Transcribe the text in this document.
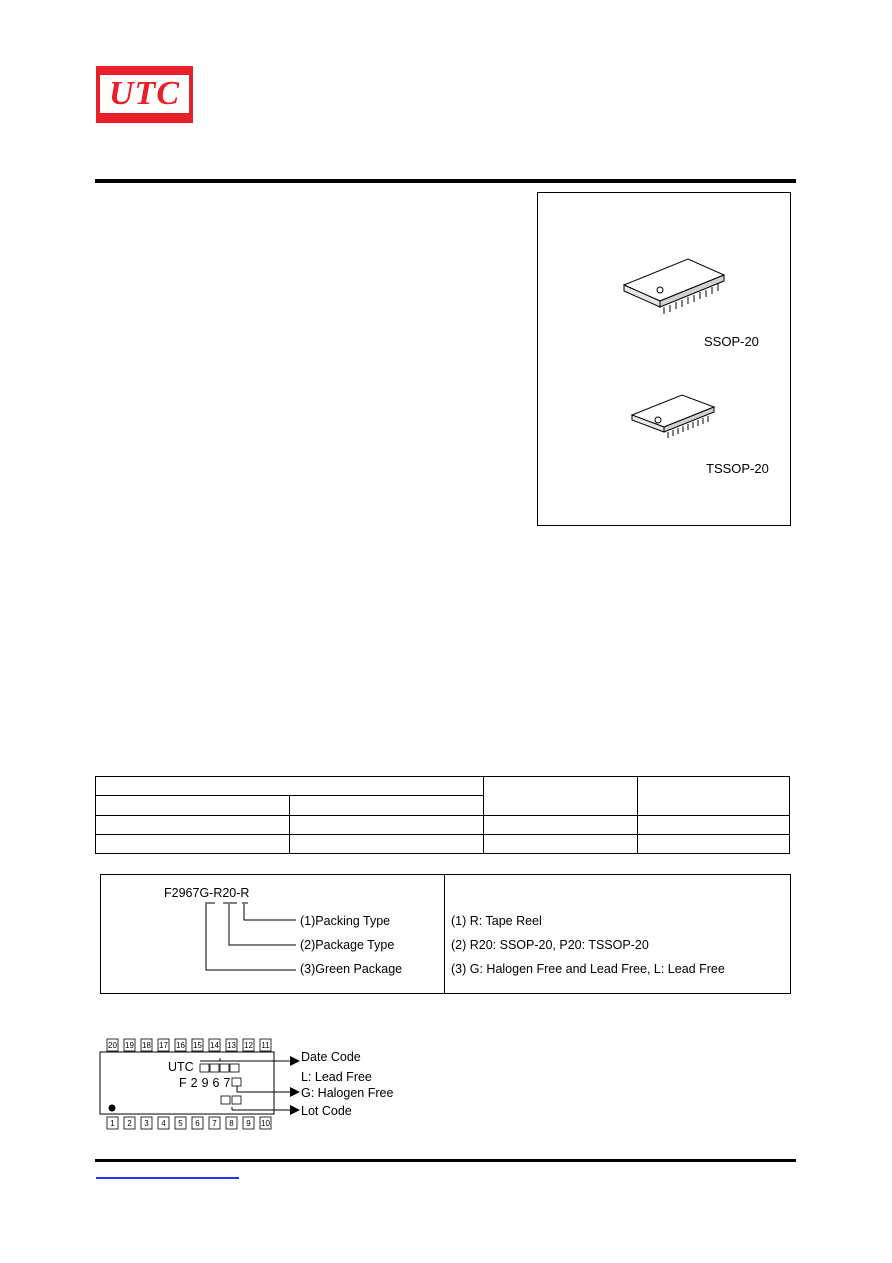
UTC
SSOP-20
TSSOP-20

F2967G-R20-R
(1)Packing Type
(2)Package Type
(3)Green Package
(1) R: Tape Reel
(2) R20: SSOP-20, P20: TSSOP-20
(3) G: Halogen Free and Lead Free, L: Lead Free
20 19 18 17 16 15 14 13 12 11
1 2 3 4 5 6 7 8 9 10
UTC
F2967
Date Code
L: Lead Free
G: Halogen Free
Lot Code
